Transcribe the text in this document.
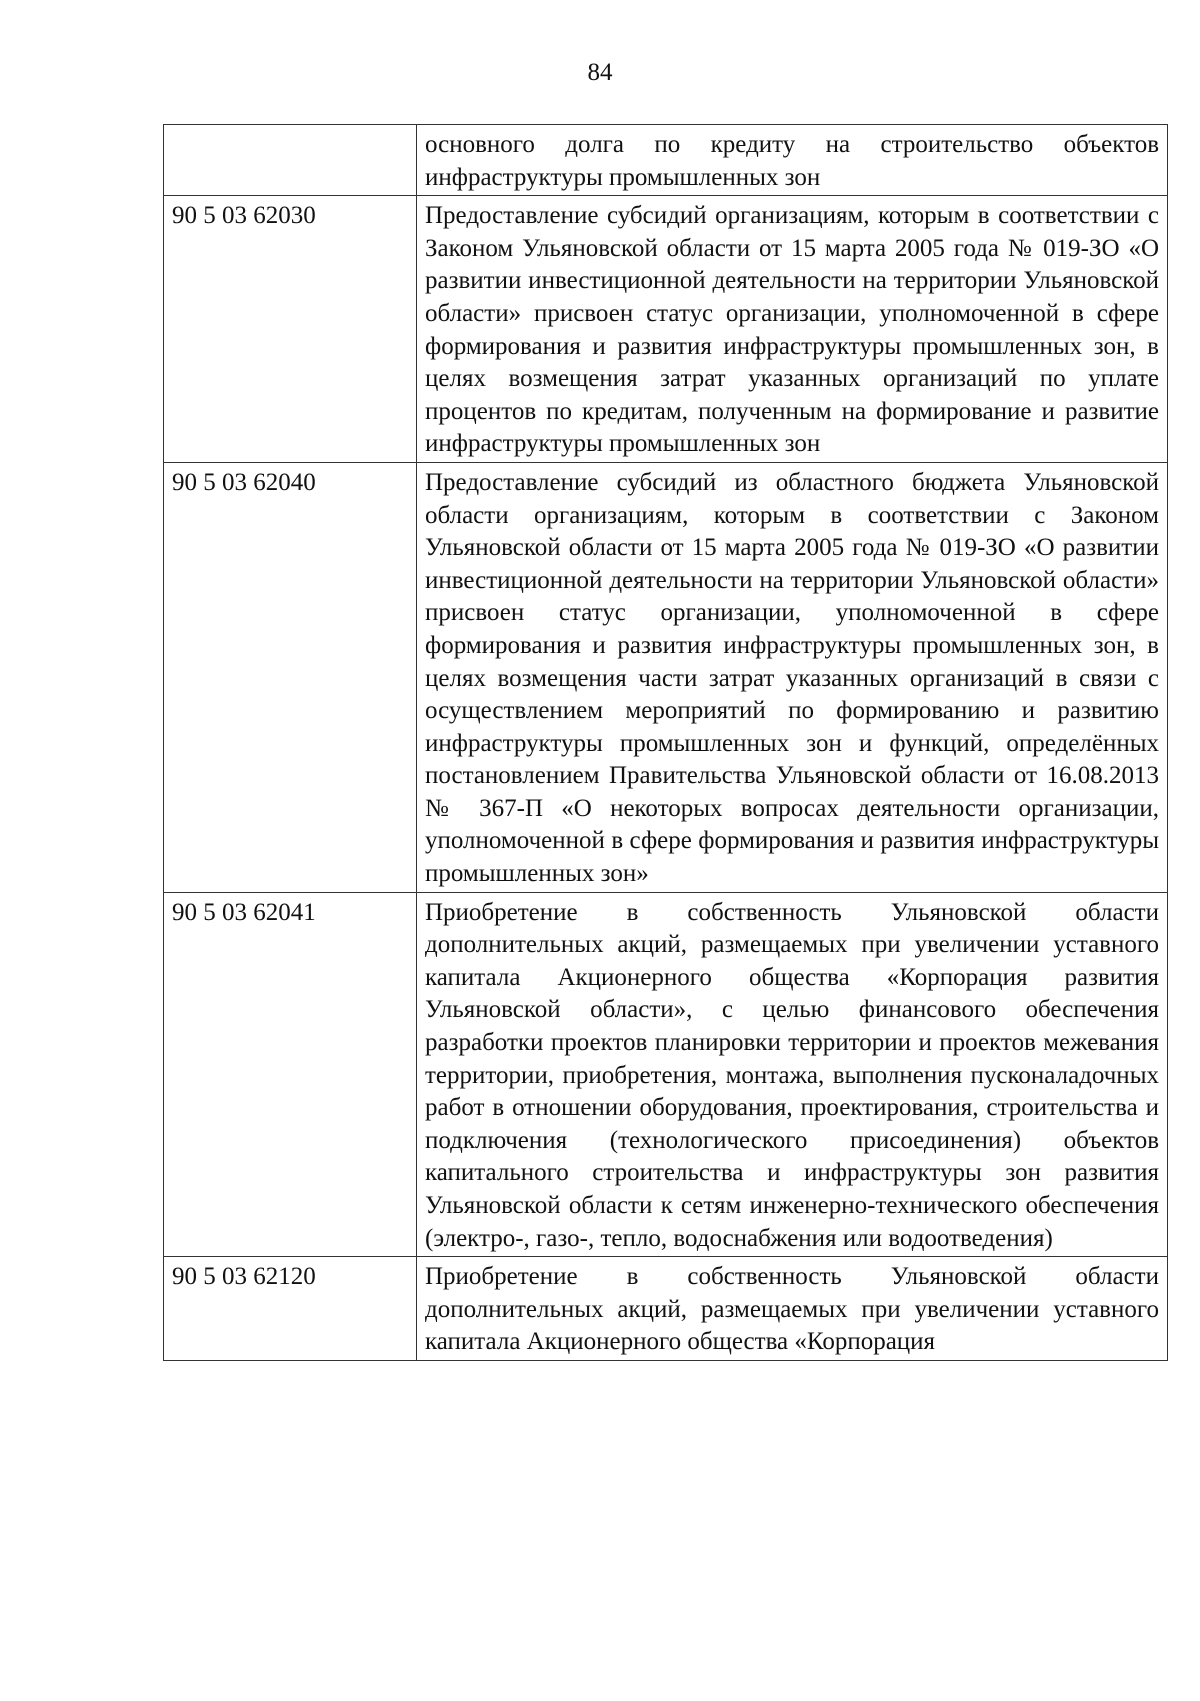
84
	основного долга по кредиту на строительство объектов инфраструктуры промышленных зон
90 5 03 62030	Предоставление субсидий организациям, которым в соответствии с Законом Ульяновской области от 15 марта 2005 года № 019-ЗО «О развитии инвестиционной деятельности на территории Ульяновской области» присвоен статус организации, уполномоченной в сфере формирования и развития инфраструктуры промышленных зон, в целях возмещения затрат указанных организаций по уплате процентов по кредитам, полученным на формирование и развитие инфраструктуры промышленных зон
90 5 03 62040	Предоставление субсидий из областного бюджета Ульяновской области организациям, которым в соответствии с Законом Ульяновской области от 15 марта 2005 года № 019-ЗО «О развитии инвестиционной деятельности на территории Ульяновской области» присвоен статус организации, уполномоченной в сфере формирования и развития инфраструктуры промышленных зон, в целях возмещения части затрат указанных организаций в связи с осуществлением мероприятий по формированию и развитию инфраструктуры промышленных зон и функций, определённых постановлением Правительства Ульяновской области от 16.08.2013 № 367-П «О некоторых вопросах деятельности организации, уполномоченной в сфере формирования и развития инфраструктуры промышленных зон»
90 5 03 62041	Приобретение в собственность Ульяновской области дополнительных акций, размещаемых при увеличении уставного капитала Акционерного общества «Корпорация развития Ульяновской области», с целью финансового обеспечения разработки проектов планировки территории и проектов межевания территории, приобретения, монтажа, выполнения пусконаладочных работ в отношении оборудования, проектирования, строительства и подключения (технологического присоединения) объектов капитального строительства и инфраструктуры зон развития Ульяновской области к сетям инженерно-технического обеспечения (электро-, газо-, тепло, водоснабжения или водоотведения)
90 5 03 62120	Приобретение в собственность Ульяновской области дополнительных акций, размещаемых при увеличении уставного капитала Акционерного общества «Корпорация
